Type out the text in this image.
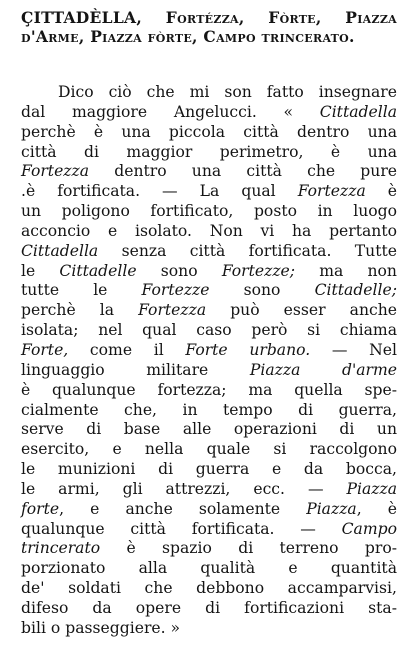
ÇITTADÈLLA, Fortézza, Fòrte, Piazza d'Arme, Piazza fòrte, Campo trincerato.
Dico ciò che mi son fatto insegnare
dal maggiore Angelucci. « Cittadella
perchè è una piccola città dentro una
città di maggior perimetro, è una
Fortezza dentro una città che pure
.è fortificata. — La qual Fortezza è
un poligono fortificato, posto in luogo
acconcio e isolato. Non vi ha pertanto
Cittadella senza città fortificata. Tutte
le Cittadelle sono Fortezze; ma non
tutte le Fortezze sono Cittadelle;
perchè la Fortezza può esser anche
isolata; nel qual caso però si chiama
Forte, come il Forte urbano. — Nel
linguaggio militare Piazza d'arme
è qualunque fortezza; ma quella spe-
cialmente che, in tempo di guerra,
serve di base alle operazioni di un
esercito, e nella quale si raccolgono
le munizioni di guerra e da bocca,
le armi, gli attrezzi, ecc. — Piazza
forte, e anche solamente Piazza, è
qualunque città fortificata. — Campo
trincerato è spazio di terreno pro-
porzionato alla qualità e quantità
de' soldati che debbono accamparvisi,
difeso da opere di fortificazioni sta-
bili o passeggiere. »
